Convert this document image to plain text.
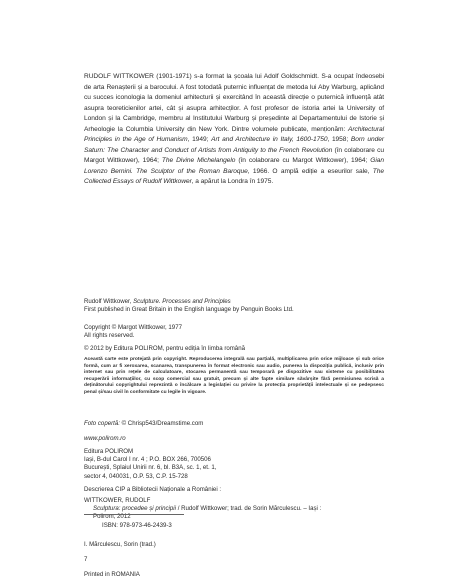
RUDOLF WITTKOWER (1901-1971) s-a format la școala lui Adolf Goldschmidt. S-a ocupat îndeosebi de arta Renașterii și a barocului. A fost totodată puternic influențat de metoda lui Aby Warburg, aplicând cu succes iconologia la domeniul arhitecturii și exercitând în această direcție o puternică influență atât asupra teoreticienilor artei, cât și asupra arhitecților. A fost profesor de istoria artei la University of London și la Cambridge, membru al Institutului Warburg și președinte al Departamentului de Istorie și Arheologie la Columbia University din New York. Dintre volumele publicate, menționăm: Architectural Principles in the Age of Humanism, 1949; Art and Architecture in Italy, 1600-1750, 1958; Born under Saturn: The Character and Conduct of Artists from Antiquity to the French Revolution (în colaborare cu Margot Wittkower), 1964; The Divine Michelangelo (în colaborare cu Margot Wittkower), 1964; Gian Lorenzo Bernini. The Sculptor of the Roman Baroque, 1966. O amplă ediție a eseurilor sale, The Collected Essays of Rudolf Wittkower, a apărut la Londra în 1975.
Rudolf Wittkower, Sculpture. Processes and Principles
First published in Great Britain in the English language by Penguin Books Ltd.
Copyright © Margot Wittkower, 1977
All rights reserved.
© 2012 by Editura POLIROM, pentru ediția în limba română
Această carte este protejată prin copyright. Reproducerea integrală sau parțială, multiplicarea prin orice mijloace și sub orice formă, cum ar fi xeroxarea, scanarea, transpunerea în format electronic sau audio, punerea la dispoziția publică, inclusiv prin internet sau prin rețele de calculatoare, stocarea permanentă sau temporară pe dispozitive sau sisteme cu posibilitatea recuperării informațiilor, cu scop comercial sau gratuit, precum și alte fapte similare săvârșite fără permisiunea scrisă a deținătorului copyrightului reprezintă o încălcare a legislației cu privire la protecția proprietății intelectuale și se pedepsesc penal și/sau civil în conformitate cu legile în vigoare.
Foto copertă: © Chrisp543/Dreamstime.com
www.polirom.ro
Editura POLIROM
Iași, B-dul Carol I nr. 4 ; P.O. BOX 266, 700506
București, Splaiul Unirii nr. 6, bl. B3A, sc. 1, et. 1,
sector 4, 040031, O.P. 53, C.P. 15-728
Descrierea CIP a Bibliotecii Naționale a României :
WITTKOWER, RUDOLF
Sculptura: procedee și principii / Rudolf Wittkower; trad. de Sorin Mărculescu. – Iași :
Polirom, 2012
ISBN: 978-973-46-2439-3
I. Mărculescu, Sorin (trad.)
7
Printed in ROMANIA
